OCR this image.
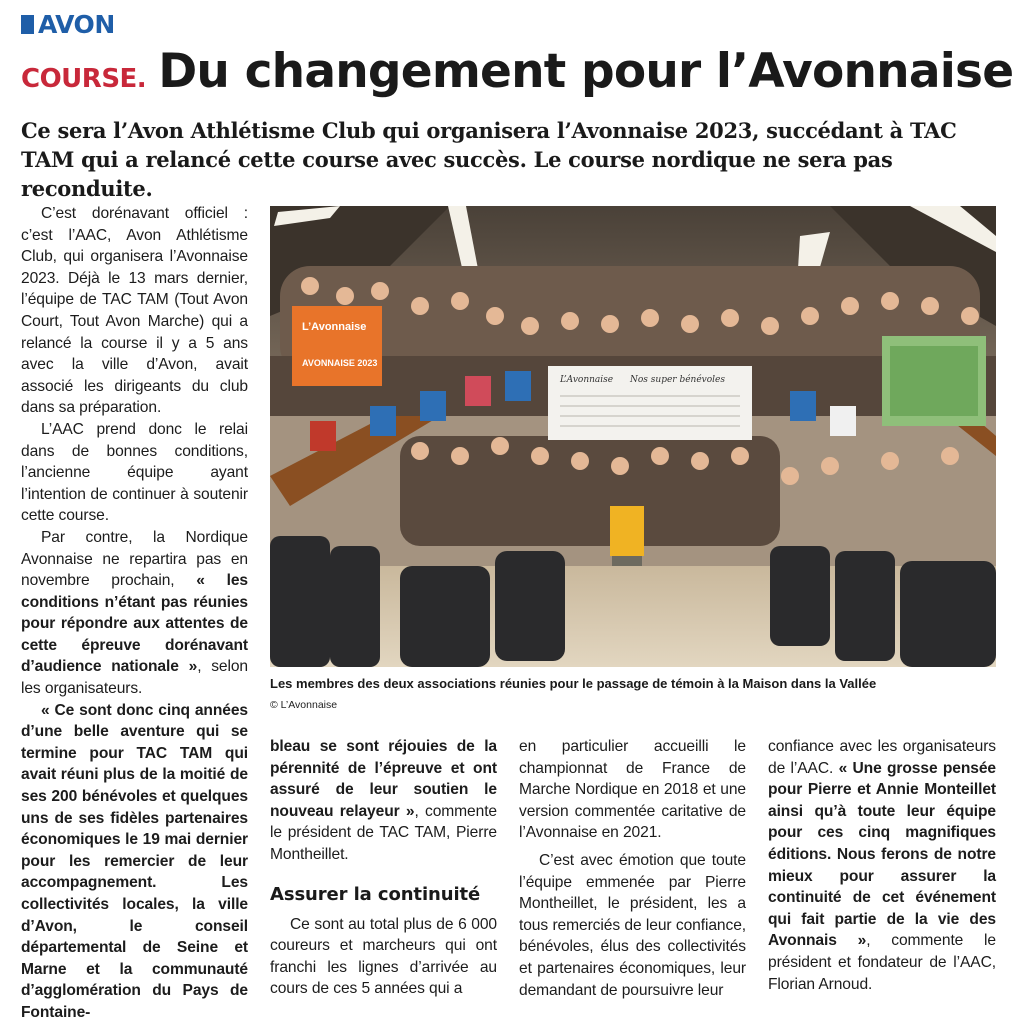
AVON
COURSE. Du changement pour l’Avonnaise
Ce sera l’Avon Athlétisme Club qui organisera l’Avonnaise 2023, succédant à TAC TAM qui a relancé cette course avec succès. Le course nordique ne sera pas reconduite.

C’est dorénavant officiel : c’est l’AAC, Avon Athlétisme Club, qui organisera l’Avonnaise 2023. Déjà le 13 mars dernier, l’équipe de TAC TAM (Tout Avon Court, Tout Avon Marche) qui a relancé la course il y a 5 ans avec la ville d’Avon, avait associé les dirigeants du club dans sa préparation.

L’AAC prend donc le relai dans de bonnes conditions, l’ancienne équipe ayant l’intention de continuer à soutenir cette course.

Par contre, la Nordique Avonnaise ne repartira pas en novembre prochain, « les conditions n’étant pas réunies pour répondre aux attentes de cette épreuve dorénavant d’audience nationale », selon les organisateurs.

« Ce sont donc cinq années d’une belle aventure qui se termine pour TAC TAM qui avait réuni plus de la moitié de ses 200 bénévoles et quelques uns de ses fidèles partenaires économiques le 19 mai dernier pour les remercier de leur accompagnement. Les collectivités locales, la ville d’Avon, le conseil départemental de Seine et Marne et la communauté d’agglomération du Pays de Fontaine-

L’Avonnaise
AVONNAISE 2023
L’Avonnaise Nos super bénévoles
Les membres des deux associations réunies pour le passage de témoin à la Maison dans la Vallée
© L’Avonnaise

bleau se sont réjouies de la pérennité de l’épreuve et ont assuré de leur soutien le nouveau relayeur », commente le président de TAC TAM, Pierre Montheillet.

Assurer la continuité

Ce sont au total plus de 6 000 coureurs et marcheurs qui ont franchi les lignes d’arrivée au cours de ces 5 années qui a

en particulier accueilli le championnat de France de Marche Nordique en 2018 et une version commentée caritative de l’Avonnaise en 2021.

C’est avec émotion que toute l’équipe emmenée par Pierre Montheillet, le président, les a tous remerciés de leur confiance, bénévoles, élus des collectivités et partenaires économiques, leur demandant de poursuivre leur

confiance avec les organisateurs de l’AAC. « Une grosse pensée pour Pierre et Annie Monteillet ainsi qu’à toute leur équipe pour ces cinq magnifiques éditions. Nous ferons de notre mieux pour assurer la continuité de cet événement qui fait partie de la vie des Avonnais », commente le président et fondateur de l’AAC, Florian Arnoud.
